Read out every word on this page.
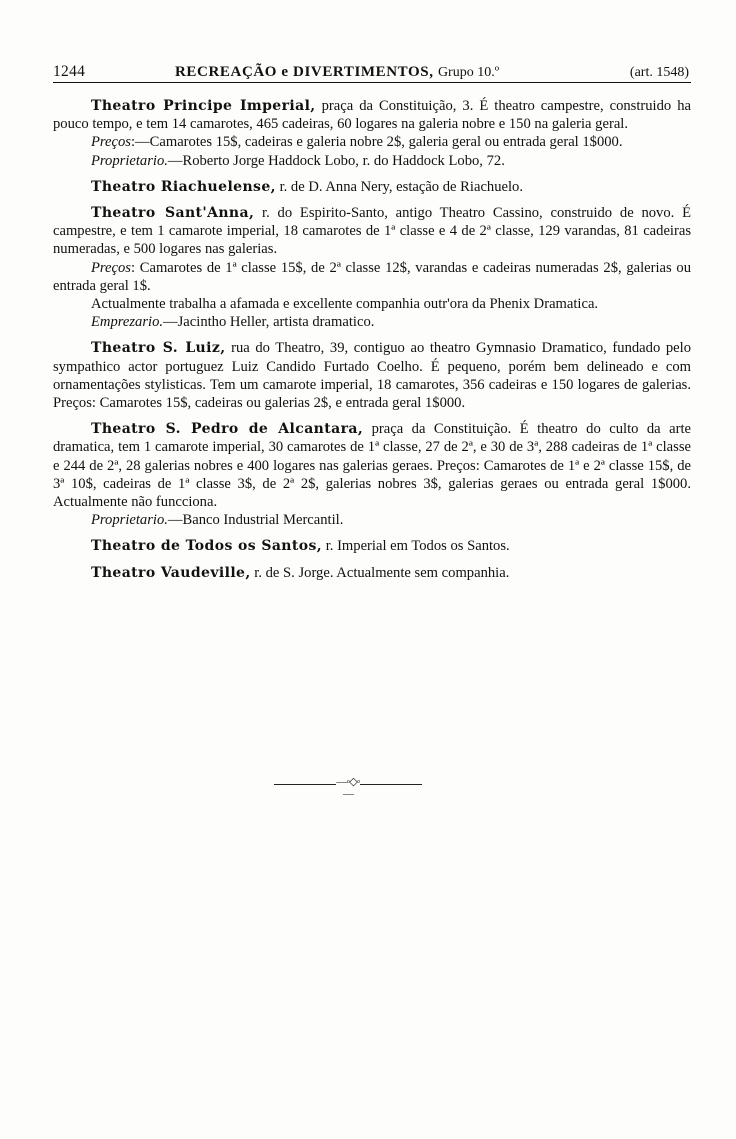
1244	RECREAÇÃO e DIVERTIMENTOS, Grupo 10.º	(art. 1548)

Theatro Principe Imperial, praça da Constituição, 3. É theatro campestre, construido ha pouco tempo, e tem 14 camarotes, 465 cadeiras, 60 logares na galeria nobre e 150 na galeria geral.

Preços:—Camarotes 15$, cadeiras e galeria nobre 2$, galeria geral ou entrada geral 1$000.

Proprietario.—Roberto Jorge Haddock Lobo, r. do Haddock Lobo, 72.

Theatro Riachuelense, r. de D. Anna Nery, estação de Riachuelo.

Theatro Sant'Anna, r. do Espirito-Santo, antigo Theatro Cassino, construido de novo. É campestre, e tem 1 camarote imperial, 18 camarotes de 1ª classe e 4 de 2ª classe, 129 varandas, 81 cadeiras numeradas, e 500 logares nas galerias.

Preços: Camarotes de 1ª classe 15$, de 2ª classe 12$, varandas e cadeiras numeradas 2$, galerias ou entrada geral 1$.

Actualmente trabalha a afamada e excellente companhia outr'ora da Phenix Dramatica.

Emprezario.—Jacintho Heller, artista dramatico.

Theatro S. Luiz, rua do Theatro, 39, contiguo ao theatro Gymnasio Dramatico, fundado pelo sympathico actor portuguez Luiz Candido Furtado Coelho. É pequeno, porém bem delineado e com ornamentações stylisticas. Tem um camarote imperial, 18 camarotes, 356 cadeiras e 150 logares de galerias. Preços: Camarotes 15$, cadeiras ou galerias 2$, e entrada geral 1$000.

Theatro S. Pedro de Alcantara, praça da Constituição. É theatro do culto da arte dramatica, tem 1 camarote imperial, 30 camarotes de 1ª classe, 27 de 2ª, e 30 de 3ª, 288 cadeiras de 1ª classe e 244 de 2ª, 28 galerias nobres e 400 logares nas galerias geraes. Preços: Camarotes de 1ª e 2ª classe 15$, de 3ª 10$, cadeiras de 1ª classe 3$, de 2ª 2$, galerias nobres 3$, galerias geraes ou entrada geral 1$000. Actualmente não funcciona.

Proprietario.—Banco Industrial Mercantil.

Theatro de Todos os Santos, r. Imperial em Todos os Santos.

Theatro Vaudeville, r. de S. Jorge. Actualmente sem companhia.

—◦◇◦—
